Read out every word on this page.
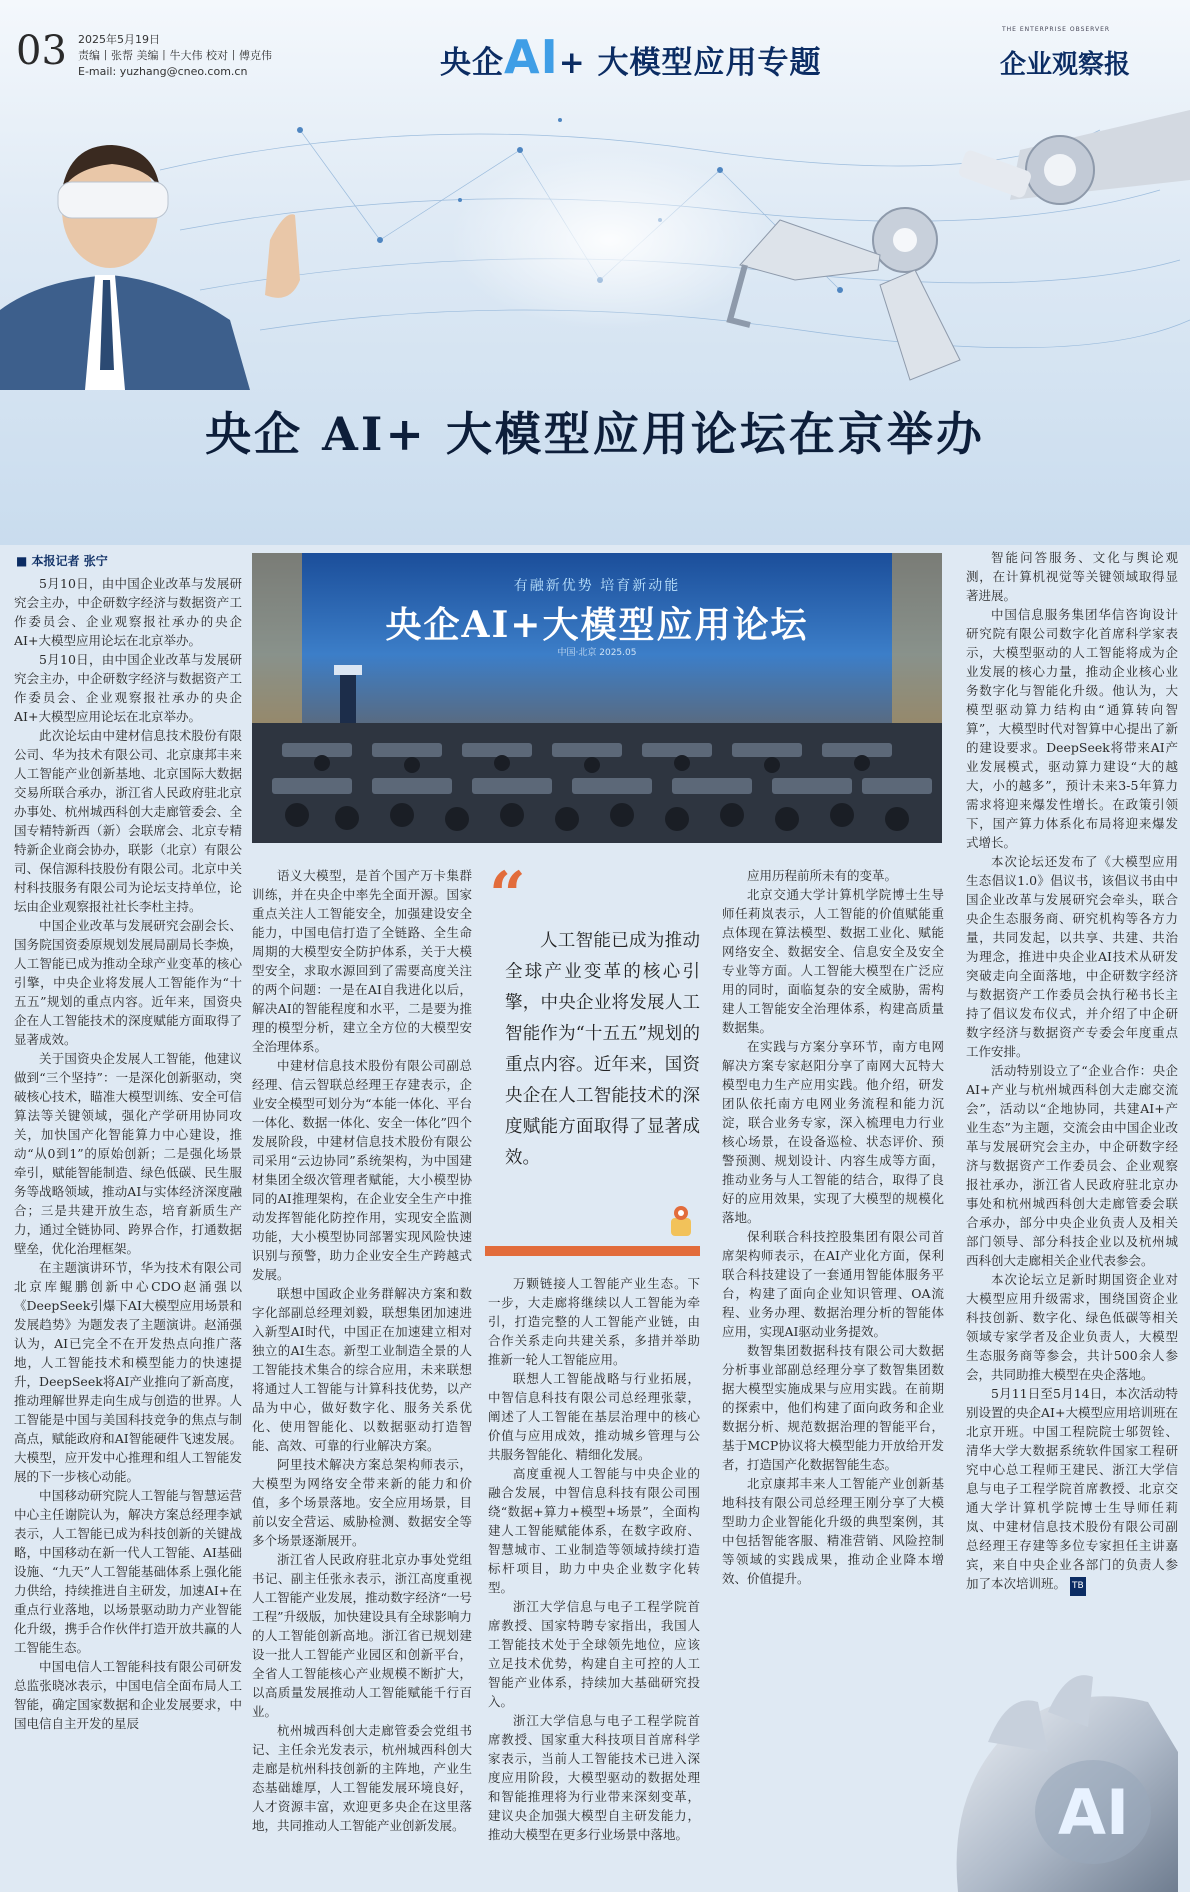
03 2025年5月19日
责编丨张帮 美编丨牛大伟 校对丨傅克伟
E-mail: yuzhang@cneo.com.cn	央企AI+ 大模型应用专题
THE ENTERPRISE OBSERVER
企业观察报
央企 AI+ 大模型应用论坛在京举办
■ 本报记者 张宁
有融新优势 培育新动能
央企AI+大模型应用论坛
中国·北京 2025.05

5月10日，由中国企业改革与发展研究会主办，中企研数字经济与数据资产工作委员会、企业观察报社承办的央企AI+大模型应用论坛在北京举办。

5月10日，由中国企业改革与发展研究会主办，中企研数字经济与数据资产工作委员会、企业观察报社承办的央企AI+大模型应用论坛在北京举办。

此次论坛由中建材信息技术股份有限公司、华为技术有限公司、北京康邦丰来人工智能产业创新基地、北京国际大数据交易所联合承办，浙江省人民政府驻北京办事处、杭州城西科创大走廊管委会、全国专精特新西（新）会联席会、北京专精特新企业商会协办，联影（北京）有限公司、保信源科技股份有限公司。北京中关村科技服务有限公司为论坛支持单位，论坛由企业观察报社社长李杜主持。

中国企业改革与发展研究会副会长、国务院国资委原规划发展局副局长李焕，人工智能已成为推动全球产业变革的核心引擎，中央企业将发展人工智能作为“十五五”规划的重点内容。近年来，国资央企在人工智能技术的深度赋能方面取得了显著成效。

关于国资央企发展人工智能，他建议做到“三个坚持”：一是深化创新驱动，突破核心技术，瞄准大模型训练、安全可信算法等关键领域，强化产学研用协同攻关，加快国产化智能算力中心建设，推动“从0到1”的原始创新；二是强化场景牵引，赋能智能制造、绿色低碳、民生服务等战略领域，推动AI与实体经济深度融合；三是共建开放生态，培育新质生产力，通过全链协同、跨界合作，打通数据壁垒，优化治理框架。

在主题演讲环节，华为技术有限公司北京库鲲鹏创新中心CDO赵涌强以《DeepSeek引爆下AI大模型应用场景和发展趋势》为题发表了主题演讲。赵涌强认为，AI已完全不在开发热点向推广落地，人工智能技术和模型能力的快速提升，DeepSeek将AI产业推向了新高度，推动理解世界走向生成与创造的世界。人工智能是中国与美国科技竞争的焦点与制高点，赋能政府和AI智能硬件飞速发展。大模型，应开发中心推理和组人工智能发展的下一步核心动能。

中国移动研究院人工智能与智慧运营中心主任谢院认为，解决方案总经理李斌表示，人工智能已成为科技创新的关键战略，中国移动在新一代人工智能、AI基础设施、“九天”人工智能基础体系上强化能力供给，持续推进自主研发，加速AI+在重点行业落地，以场景驱动助力产业智能化升级，携手合作伙伴打造开放共赢的人工智能生态。

中国电信人工智能科技有限公司研发总监张晓冰表示，中国电信全面布局人工智能，确定国家数据和企业发展要求，中国电信自主开发的星辰

语义大模型，是首个国产万卡集群训练，并在央企中率先全面开源。国家重点关注人工智能安全，加强建设安全能力，中国电信打造了全链路、全生命周期的大模型安全防护体系，关于大模型安全，求取水源回到了需要高度关注的两个问题：一是在AI自我进化以后，解决AI的智能程度和水平，二是要为推理的模型分析，建立全方位的大模型安全治理体系。

中建材信息技术股份有限公司副总经理、信云智联总经理王存建表示，企业安全模型可划分为“本能一体化、平台一体化、数据一体化、安全一体化”四个发展阶段，中建材信息技术股份有限公司采用“云边协同”系统架构，为中国建材集团全级次管理者赋能，大小模型协同的AI推理架构，在企业安全生产中推动发挥智能化防控作用，实现安全监测功能，大小模型协同部署实现风险快速识别与预警，助力企业安全生产跨越式发展。

联想中国政企业务群解决方案和数字化部副总经理刘毅，联想集团加速进入新型AI时代，中国正在加速建立相对独立的AI生态。新型工业制造全景的人工智能技术集合的综合应用，未来联想将通过人工智能与计算科技优势，以产品为中心，做好数字化、服务关系优化、使用智能化、以数据驱动打造智能、高效、可靠的行业解决方案。

阿里技术解决方案总架构师表示，大模型为网络安全带来新的能力和价值，多个场景落地。安全应用场景，目前以安全营运、威胁检测、数据安全等多个场景逐渐展开。

浙江省人民政府驻北京办事处党组书记、副主任张永表示，浙江高度重视人工智能产业发展，推动数字经济“一号工程”升级版，加快建设具有全球影响力的人工智能创新高地。浙江省已规划建设一批人工智能产业园区和创新平台，全省人工智能核心产业规模不断扩大，以高质量发展推动人工智能赋能千行百业。

杭州城西科创大走廊管委会党组书记、主任余光发表示，杭州城西科创大走廊是杭州科技创新的主阵地，产业生态基础雄厚，人工智能发展环境良好，人才资源丰富，欢迎更多央企在这里落地，共同推动人工智能产业创新发展。

“
人工智能已成为推动全球产业变革的核心引擎，中央企业将发展人工智能作为“十五五”规划的重点内容。近年来，国资央企在人工智能技术的深度赋能方面取得了显著成效。

万颗链接人工智能产业生态。下一步，大走廊将继续以人工智能为牵引，打造完整的人工智能产业链，由合作关系走向共建关系，多措并举助推新一轮人工智能应用。

联想人工智能战略与行业拓展，中智信息科技有限公司总经理张蒙，阐述了人工智能在基层治理中的核心价值与应用成效，推动城乡管理与公共服务智能化、精细化发展。

高度重视人工智能与中央企业的融合发展，中智信息科技有限公司围绕“数据+算力+模型+场景”，全面构建人工智能赋能体系，在数字政府、智慧城市、工业制造等领域持续打造标杆项目，助力中央企业数字化转型。

浙江大学信息与电子工程学院首席教授、国家特聘专家指出，我国人工智能技术处于全球领先地位，应该立足技术优势，构建自主可控的人工智能产业体系，持续加大基础研究投入。

浙江大学信息与电子工程学院首席教授、国家重大科技项目首席科学家表示，当前人工智能技术已进入深度应用阶段，大模型驱动的数据处理和智能推理将为行业带来深刻变革，建议央企加强大模型自主研发能力，推动大模型在更多行业场景中落地。

应用历程前所未有的变革。

北京交通大学计算机学院博士生导师任莉岚表示，人工智能的价值赋能重点体现在算法模型、数据工业化、赋能网络安全、数据安全、信息安全及安全专业等方面。人工智能大模型在广泛应用的同时，面临复杂的安全威胁，需构建人工智能安全治理体系，构建高质量数据集。

在实践与方案分享环节，南方电网解决方案专家赵阳分享了南网大瓦特大模型电力生产应用实践。他介绍，研发团队依托南方电网业务流程和能力沉淀，联合业务专家，深入梳理电力行业核心场景，在设备巡检、状态评价、预警预测、规划设计、内容生成等方面，推动业务与人工智能的结合，取得了良好的应用效果，实现了大模型的规模化落地。

保利联合科技控股集团有限公司首席架构师表示，在AI产业化方面，保利联合科技建设了一套通用智能体服务平台，构建了面向企业知识管理、OA流程、业务办理、数据治理分析的智能体应用，实现AI驱动业务提效。

数智集团数据科技有限公司大数据分析事业部副总经理分享了数智集团数据大模型实施成果与应用实践。在前期的探索中，他们构建了面向政务和企业数据分析、规范数据治理的智能平台，基于MCP协议将大模型能力开放给开发者，打造国产化数据智能生态。

北京康邦丰来人工智能产业创新基地科技有限公司总经理王刚分享了大模型助力企业智能化升级的典型案例，其中包括智能客服、精准营销、风险控制等领域的实践成果，推动企业降本增效、价值提升。

智能问答服务、文化与舆论观测，在计算机视觉等关键领域取得显著进展。

中国信息服务集团华信咨询设计研究院有限公司数字化首席科学家表示，大模型驱动的人工智能将成为企业发展的核心力量，推动企业核心业务数字化与智能化升级。他认为，大模型驱动算力结构由“通算转向智算”，大模型时代对智算中心提出了新的建设要求。DeepSeek将带来AI产业发展模式，驱动算力建设“大的越大，小的越多”，预计未来3-5年算力需求将迎来爆发性增长。在政策引领下，国产算力体系化布局将迎来爆发式增长。

本次论坛还发布了《大模型应用生态倡议1.0》倡议书，该倡议书由中国企业改革与发展研究会牵头，联合央企生态服务商、研究机构等各方力量，共同发起，以共享、共建、共治为理念，推进中央企业AI技术从研发突破走向全面落地，中企研数字经济与数据资产工作委员会执行秘书长主持了倡议发布仪式，并介绍了中企研数字经济与数据资产专委会年度重点工作安排。

活动特别设立了“企业合作：央企AI+产业与杭州城西科创大走廊交流会”，活动以“企地协同，共建AI+产业生态”为主题，交流会由中国企业改革与发展研究会主办，中企研数字经济与数据资产工作委员会、企业观察报社承办，浙江省人民政府驻北京办事处和杭州城西科创大走廊管委会联合承办，部分中央企业负责人及相关部门领导、部分科技企业以及杭州城西科创大走廊相关企业代表参会。

本次论坛立足新时期国资企业对大模型应用升级需求，围绕国资企业科技创新、数字化、绿色低碳等相关领域专家学者及企业负责人，大模型生态服务商等参会，共计500余人参会，共同助推大模型在央企落地。

5月11日至5月14日，本次活动特别设置的央企AI+大模型应用培训班在北京开班。中国工程院院士邬贺铨、清华大学大数据系统软件国家工程研究中心总工程师王建民、浙江大学信息与电子工程学院首席教授、北京交通大学计算机学院博士生导师任莉岚、中建材信息技术股份有限公司副总经理王存建等多位专家担任主讲嘉宾，来自中央企业各部门的负责人参加了本次培训班。 TB

AI
